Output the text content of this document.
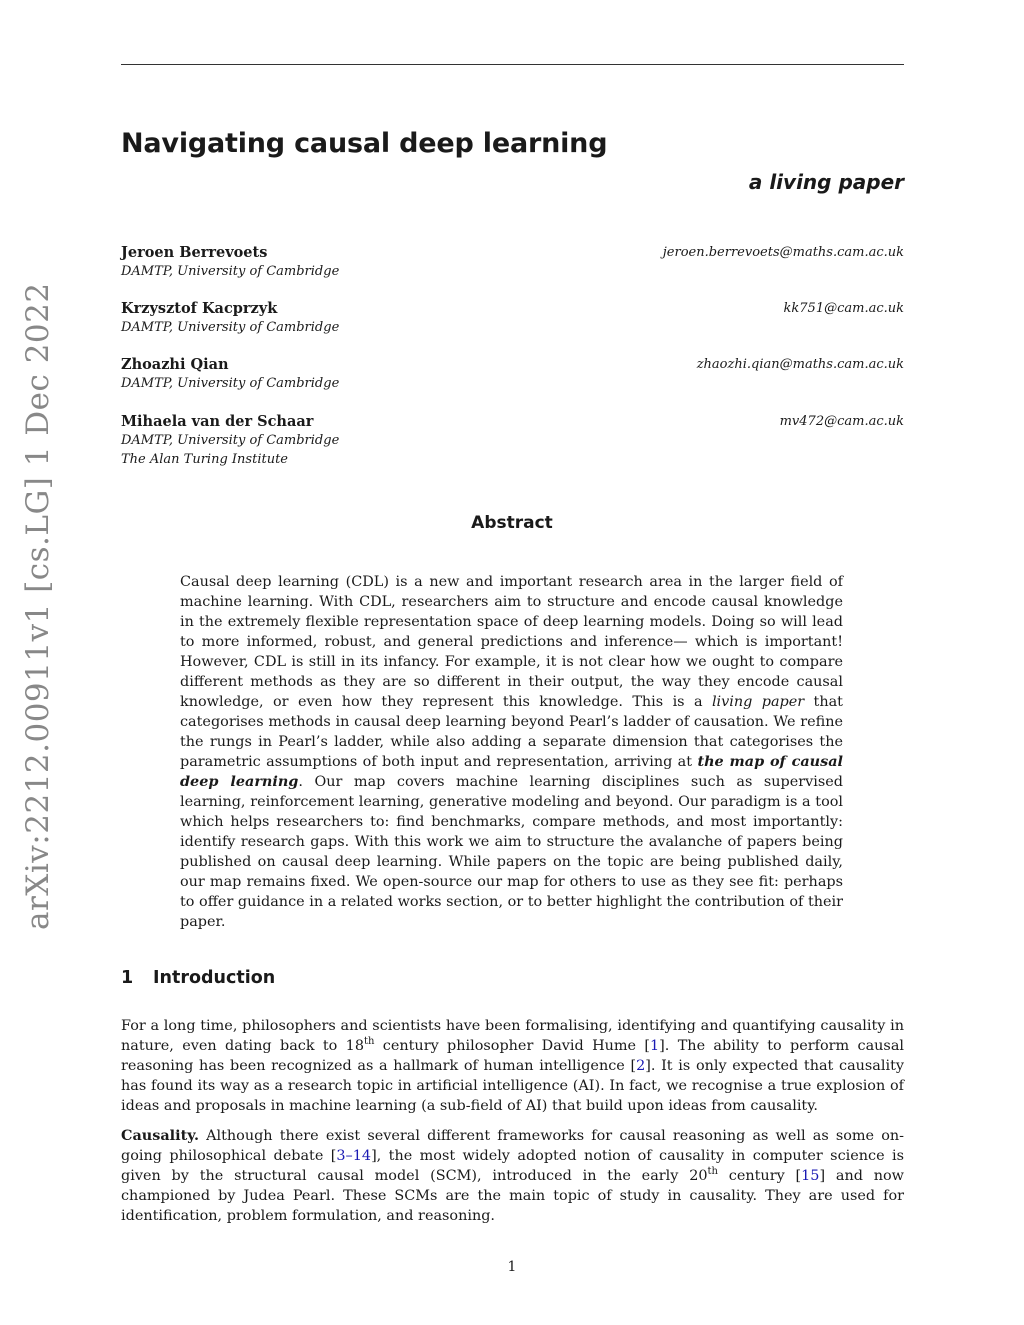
arXiv:2212.00911v1 [cs.LG] 1 Dec 2022
Navigating causal deep learning
a living paper
Jeroen Berrevoets
DAMTP, University of Cambridge
jeroen.berrevoets@maths.cam.ac.uk
Krzysztof Kacprzyk
DAMTP, University of Cambridge
kk751@cam.ac.uk
Zhoazhi Qian
DAMTP, University of Cambridge
zhaozhi.qian@maths.cam.ac.uk
Mihaela van der Schaar
DAMTP, University of Cambridge
The Alan Turing Institute
mv472@cam.ac.uk
Abstract

Causal deep learning (CDL) is a new and important research area in the larger field of machine learning. With CDL, researchers aim to structure and encode causal knowledge in the extremely flexible representation space of deep learning models. Doing so will lead to more informed, robust, and general predictions and inference— which is important! However, CDL is still in its infancy. For example, it is not clear how we ought to compare different methods as they are so different in their output, the way they encode causal knowledge, or even how they represent this knowledge. This is a living paper that categorises methods in causal deep learning beyond Pearl’s ladder of causation. We refine the rungs in Pearl’s ladder, while also adding a separate dimension that categorises the parametric assumptions of both input and representation, arriving at the map of causal deep learning. Our map covers machine learning disciplines such as supervised learning, reinforcement learning, generative modeling and beyond. Our paradigm is a tool which helps researchers to: find benchmarks, compare methods, and most importantly: identify research gaps. With this work we aim to structure the avalanche of papers being published on causal deep learning. While papers on the topic are being published daily, our map remains fixed. We open-source our map for others to use as they see fit: perhaps to offer guidance in a related works section, or to better highlight the contribution of their paper.

1 Introduction

For a long time, philosophers and scientists have been formalising, identifying and quantifying causality in nature, even dating back to 18th century philosopher David Hume [1]. The ability to perform causal reasoning has been recognized as a hallmark of human intelligence [2]. It is only expected that causality has found its way as a research topic in artificial intelligence (AI). In fact, we recognise a true explosion of ideas and proposals in machine learning (a sub-field of AI) that build upon ideas from causality.

Causality. Although there exist several different frameworks for causal reasoning as well as some on-going philosophical debate [3–14], the most widely adopted notion of causality in computer science is given by the structural causal model (SCM), introduced in the early 20th century [15] and now championed by Judea Pearl. These SCMs are the main topic of study in causality. They are used for identification, problem formulation, and reasoning.

1
